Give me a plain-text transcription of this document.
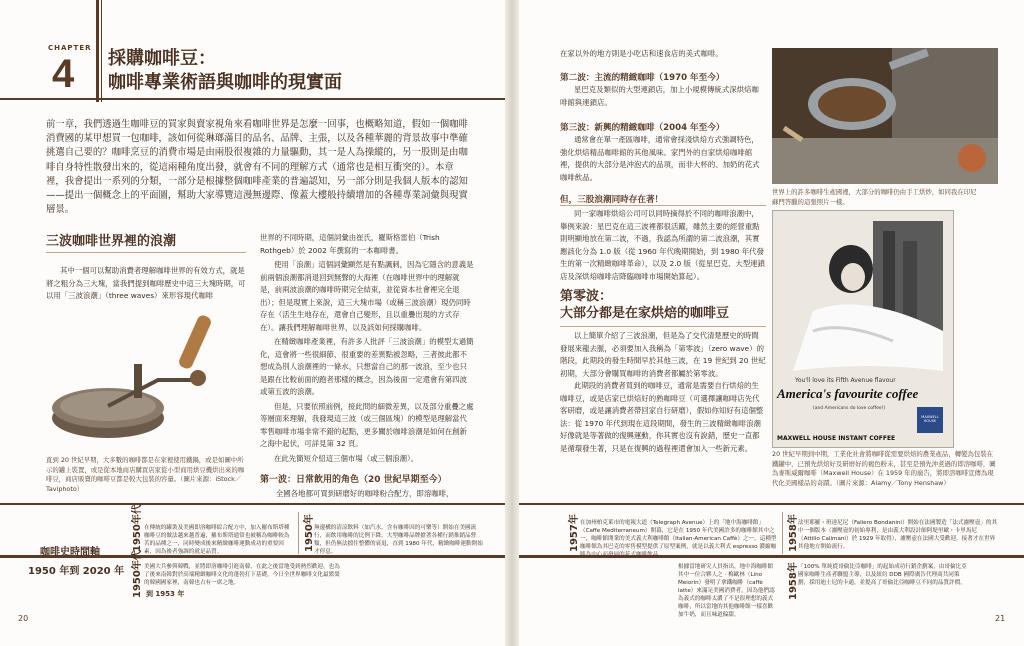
CHAPTER
4 採購咖啡豆：
咖啡專業術語與咖啡的現實面
前一章，我們透過生咖啡豆的買家與賣家視角來看咖啡世界是怎麼一回事，也概略知道，假如一個咖啡消費國的某甲想買一包咖啡，該如何從琳瑯滿目的品名、品牌、主張，以及各種華麗的背景故事中準確挑選自己要的？咖啡烹豆的消費市場是由兩股很複雜的力量驅動，其一是人為操縱的，另一股則是由咖啡自身特性散發出來的，從這兩種角度出發，就會有不同的理解方式（通常也是相互衝突的）。本章裡，我會提出一系列的分類，一部分是根據整個咖啡產業的普遍認知，另一部分則是我個人版本的認知——提出一個概念上的平面圖，幫助大家導覽這漫無邊際、像蓋大樓般持續增加的各種專業詞彙與現實層景。
三波咖啡世界裡的浪潮
其中一個可以幫助消費者理解咖啡世界的有效方式，就是將之粗分為三大塊，當我們提到咖啡歷史中這三大塊時期，可以用「三波浪潮」（three waves）來形容現代咖啡
直到 20 世紀早期，大多數的咖啡都是在家裡使用鐵鍋，或是如圖中所示的罐上裝置，或是從本地商店購買店家從小型商用烘豆機烘出來的咖啡豆，商店販賣的咖啡豆都是較大包裝的容量。（圖片來源：iStock／Taviphoto）

世界的不同時期，這個詞彙由崔氏，羅斯格雷伯（Trish Rothgeb）於 2002 年撰寫的一本咖啡書。

使用「浪潮」這個詞彙顯然是有點諷刺，因為它隱含的意義是前兩個浪潮都消退回到無聲的大海裡（在咖啡世界中的理解就是，前兩波浪潮的咖啡時期完全結束，並從資本社會裡完全退出）；但是現實上來說，這三大塊市場（或稱三波浪潮）現仍同時存在（活生生地存在，還會自己變形，且以重疊出現的方式存在）。讓我們理解咖啡世界，以及該如何採購咖啡。

在精緻咖啡產業裡，有許多人批評「三波浪潮」的模型太過簡化，這會將一些很細節、很重要的差異點被忽略，三者彼此都不想成為別人浪潮裡的一條水，只想當自己的那一波浪，至少也只是跟在比較前面的跑者那樣的概念，因為後面一定還會有第四波或第五波的浪潮。

但是，只要依照前例，接此問的細微差異，以及部分重疊之處等層面來理解，我發現這三波（或三個區塊）的模型是理解當代零售咖啡市場非常不錯的起點，更多關於咖啡浪潮是如何在創新之海中起伏，可詳見第 32 頁。

在此先簡短介紹這三個市場（或三個浪潮）。

第一波：日常飲用的角色（20 世紀早期至今）
全國各地都可買到研磨好的咖啡粉合配方，即溶咖啡，
咖啡史時間軸
1950 年到 2020 年
1950年代 在傳統的罐裝及美國即溶咖啡綜合配方中，加入羅布斯塔種咖啡豆的做法越來越普遍，羅布斯塔通常也被稱為咖啡較為苦的品種之一，同時變成後來精緻咖啡運動成功的重要因素，因為後者強調的就是品質。	1950年 無邊構的清涼飲料（如汽水，含有咖啡因的可樂等）開始在美國流行，而飲用咖啡的比例下降，大型咖啡品牌搶著各種行銷推銷品營類，但仍無法擋住整體的衰退，直到 1980 年代，精緻咖啡運動開始才停息。
1950年代 美國大兵參與韓戰，並將即溶咖啡引進南韓，在此之後當地受到熱烈歡迎，也為了後來南韓對於高端精緻咖啡文化的蓬勃打下基礎，今日全世界咖啡文化最繁榮的韓國國家裡，南韓也占有一席之地。
到 1953 年
20
在家以外的地方則是小吃店和速食店的美式咖啡。
第二波：主流的精緻咖啡（1970 年至今）
星巴克及類似的大型連鎖店，加上小規模傳統式深烘焙咖啡館與連鎖店。
第三波：新興的精緻咖啡（2004 年至今）
通常會在單一產區咖啡，通常會採淺烘焙方式強調特色，強化烘焙精品咖啡館的其他風味。家門外的自家烘焙咖啡館裡，提供的大部分是沖泡式的品項，而非大杯的、加奶的花式咖啡飲品。
但，三股浪潮同時存在著！
同一家咖啡烘焙公司可以同時摘得於不同的咖啡浪潮中，舉例來說：星巴克在這三波裡都很活躍，雖然主要的經營重點則明顯地放在第二波，不過，我認為所謂的第二波浪潮，其實應該化分為 1.0 版（從 1960 年代晚期開始，到 1980 年代發生的第一次精緻咖啡革命），以及 2.0 版（從星巴克、大型連鎖店及深烘焙咖啡店降臨咖啡市場開始算起）。
第零波：
大部分都是在家烘焙的咖啡豆
以上簡單介紹了三波浪潮，但是為了交代清楚歷史的時間發展來龍去脈，必須要加入我稱為「第零波」（zero wave）的階段，此期段的發生時間早於其他三波，在 19 世紀到 20 世紀初期，大部分會購買咖啡的消費者都屬於第零波。
此期段的消費者買到的咖啡豆，通常是需要自行烘焙的生咖啡豆，或是店家已烘焙好的熟咖啡豆（可選擇讓咖啡店先代客研磨，或是讓消費者帶回家自行研磨），假如你知好有這個整法：從 1970 年代到現在這段期間，發生的三波精緻咖啡浪潮好像就是等著做的復興運動，你其實也沒有說錯，歷史一直都是循環發生著，只是在復興的過程裡還會加入一些新元素。
世界上的許多咖啡生產國裡，大部分的咖啡仍由手工烘炒，如同我在印尼蘇門答臘的這張照片一樣。
You'll love its Fifth Avenue flavour
America's favourite coffee
(and Americans do love coffee!)
MAXWELL HOUSE
MAXWELL HOUSE INSTANT COFFEE
20 世紀早期到中期，工業化社會將咖啡從需要烘焙的農業產品，轉變為包裝在鐵罐中，已預先烘焙好及研磨好的褐色粉末，甚至是預先沖煮過的即溶咖啡，圖為麥斯威爾咖啡（Maxwell House）在 1959 年的廣告，將即溶咖啡宣傳為現代化美國樣品的奇蹟。（圖片來源：Alamy／Tony Henshaw）
1957年 在加州柏克萊市的電報大道（Telegraph Avenue）上的「地中海咖啡館」（Caffe Mediterraneum）開幕，它是在 1950 年代美國許多的咖啡館其中之一，咖啡館開業的美式義大利咖啡館（Italian-American Caffè）之一，這種型咖啡館為其巴克的零售模型提供了原型案例，就是以義大利式 espresso 濃縮咖啡為中心而發展的花式咖啡飲品。
1958年 法里耶羅・班達尼尼（Faliero Bondanini）開始在法國製造「法式濾壓壺」的其中一個版本（濾壓壺的初始專利，是由義大利設計師阿堤里歐・卡里馬尼（Attilio Calimani）於 1929 年取得），濾壓壺在法國大受歡迎，接著才在世界其他地方開始流行。
根據當地研究人員指出，地中海咖啡館其中一位合夥人之 · 梅歐林（Lino Meiorin）發明了拿鐵咖啡（caffè latte）來滿足美國消費者，因為他們認為義式的咖啡太濃了不是很理想的義式咖啡，所以當地的其他咖啡館一樣喜歡加牛奶，而且味道偏甜。
1958年 「100% 單純從哥倫比亞咖啡」的起始成功行銷企劃案，由哥倫比亞國家咖啡生產者聯盟主導，以及紐約 DDB 國際廣告代理商共同策劃，採用迪士尼的卡通，並提高了哥倫比亞咖啡豆不同的品質評價。
21
